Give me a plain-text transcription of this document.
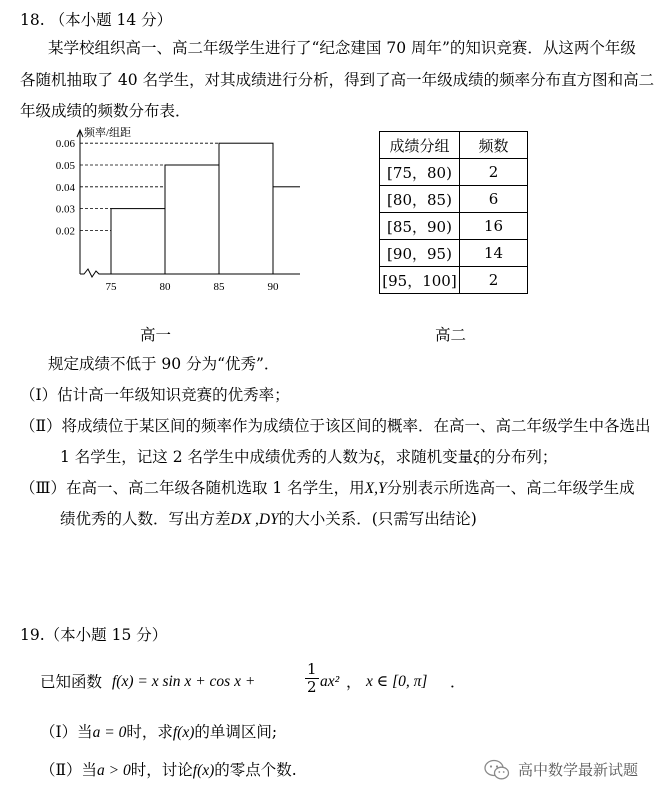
18. （本小题 14 分）
某学校组织高一、高二年级学生进行了“纪念建国 70 周年”的知识竞赛．从这两个年级
各随机抽取了 40 名学生，对其成绩进行分析，得到了高一年级成绩的频率分布直方图和高二
年级成绩的频数分布表．
频率/组距
0.02
0.03
0.04
0.05
0.06
75	80	85	90
成绩分组	频数
[75，80)	2
[80，85)	6
[85，90)	16
[90，95)	14
[95，100]	2
高一	高二
规定成绩不低于 90 分为“优秀”．
（Ⅰ）估计高一年级知识竞赛的优秀率；
（Ⅱ）将成绩位于某区间的频率作为成绩位于该区间的概率．在高一、高二年级学生中各选出
1 名学生，记这 2 名学生中成绩优秀的人数为ξ，求随机变量ξ的分布列；
（Ⅲ）在高一、高二年级各随机选取 1 名学生，用X,Y分别表示所选高一、高二年级学生成
绩优秀的人数．写出方差DX ,DY的大小关系．(只需写出结论)
19.（本小题 15 分）
已知函数 f(x) = x sin x + cos x +	$\frac{1}{2} ax^2$ ， x ∈ [0, π] ．
（Ⅰ）当a = 0时，求f(x)的单调区间;
（Ⅱ）当a > 0时，讨论f(x)的零点个数.	高中数学最新试题
